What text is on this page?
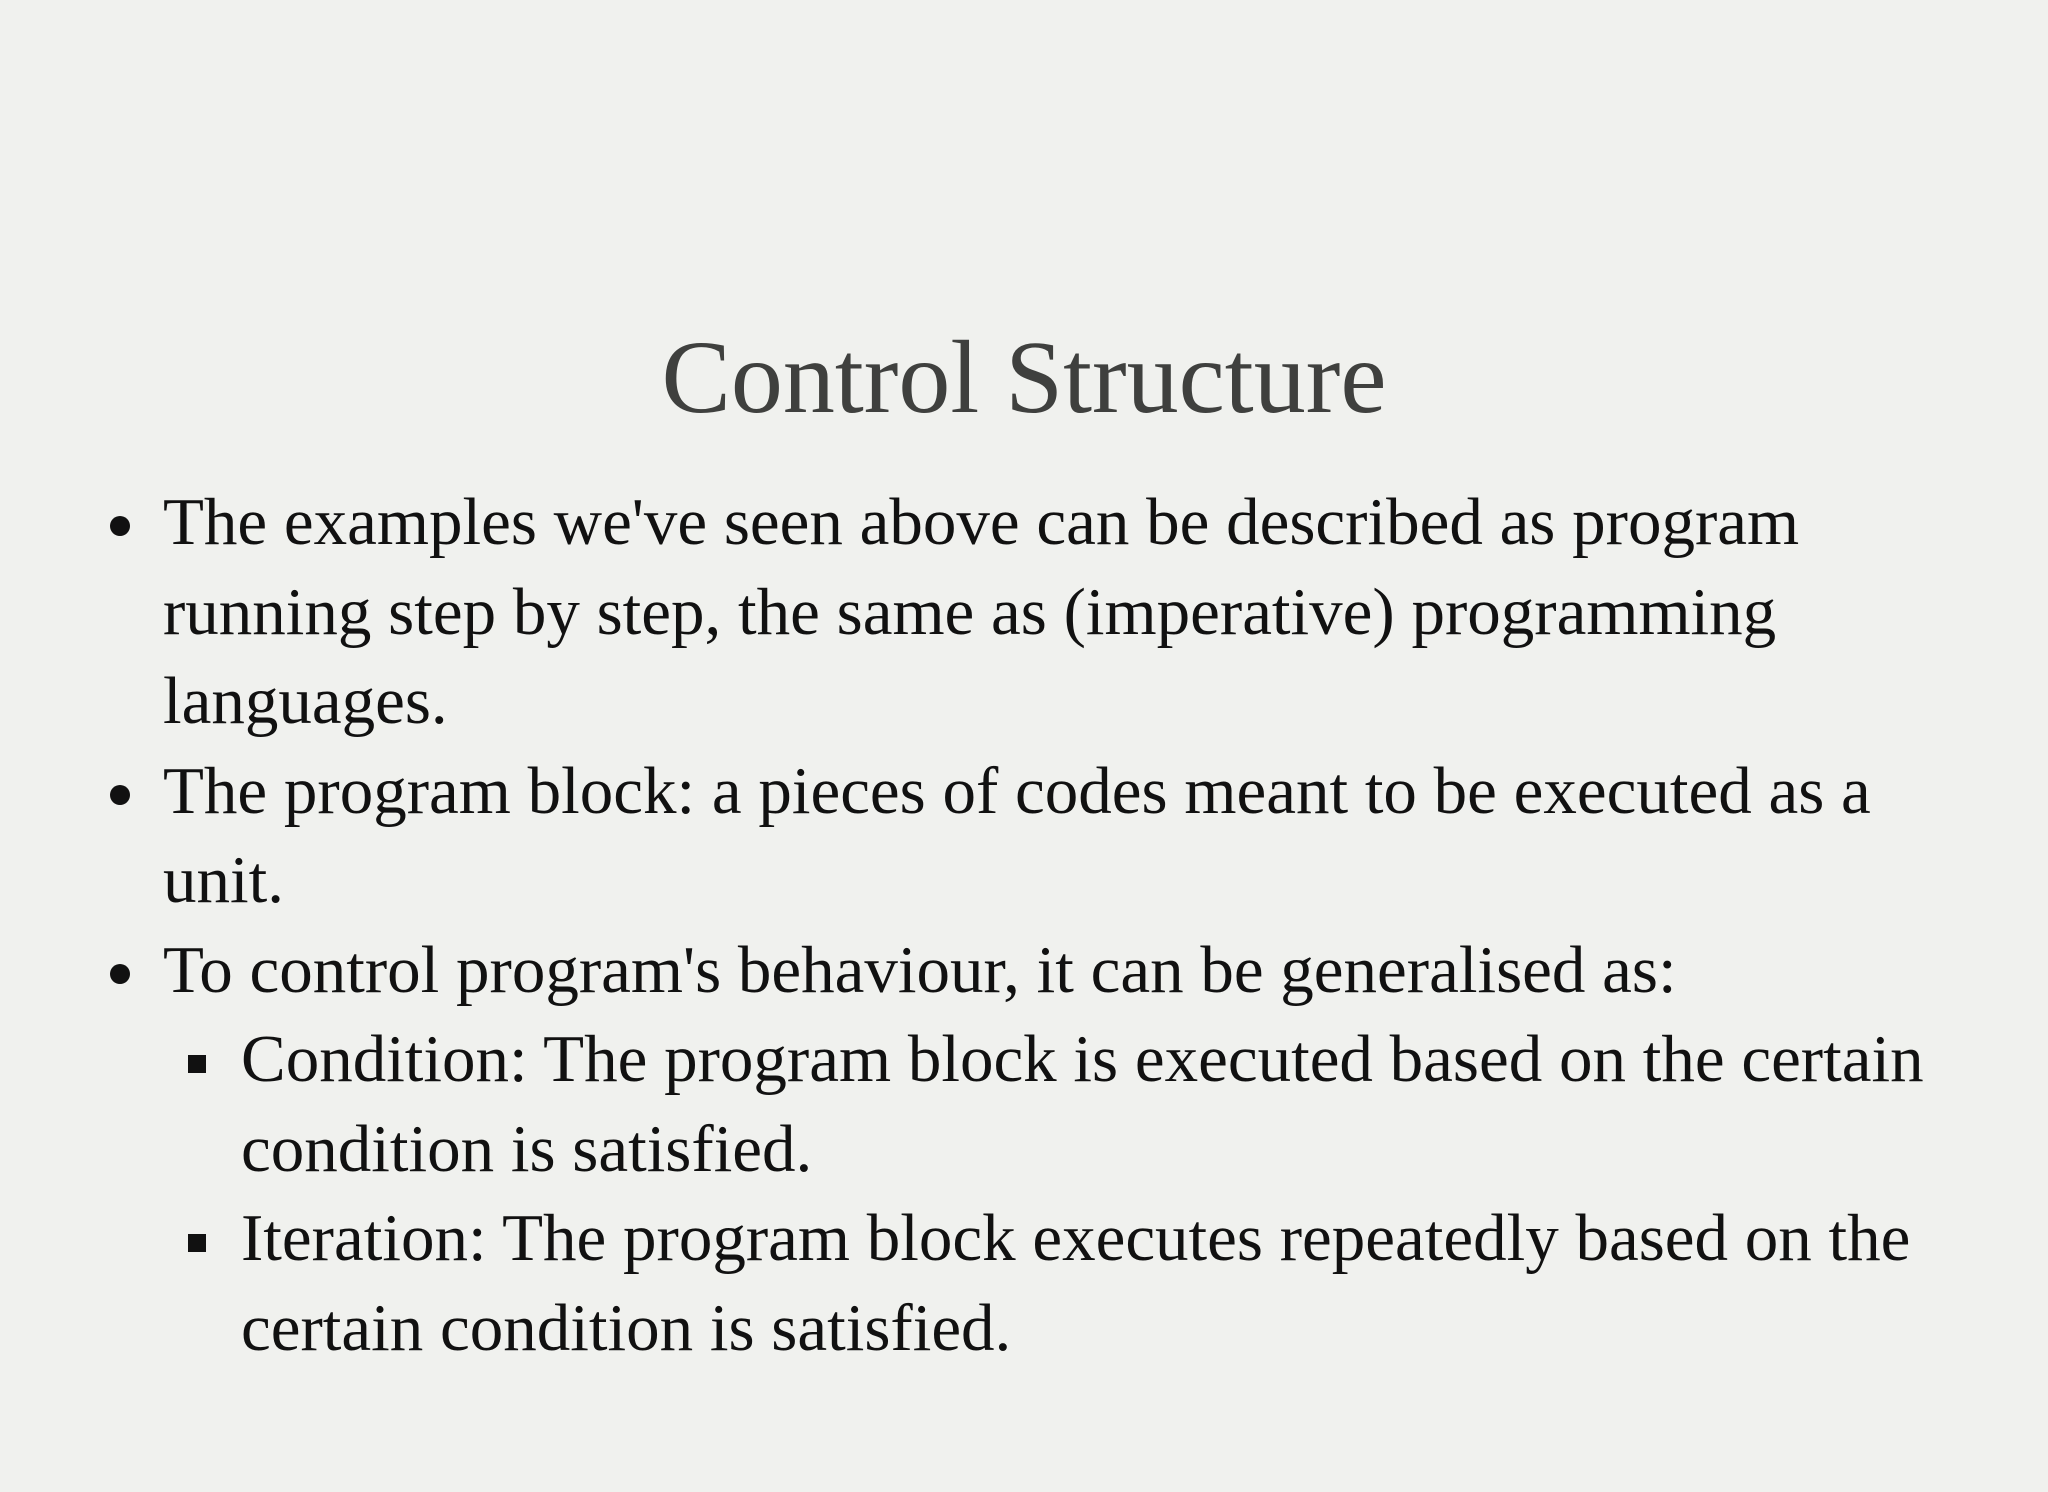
Control Structure
The examples we've seen above can be described as program running step by step, the same as (imperative) programming languages.
The program block: a pieces of codes meant to be executed as a unit.
To control program's behaviour, it can be generalised as:
Condition: The program block is executed based on the certain condition is satisfied.
Iteration: The program block executes repeatedly based on the certain condition is satisfied.
